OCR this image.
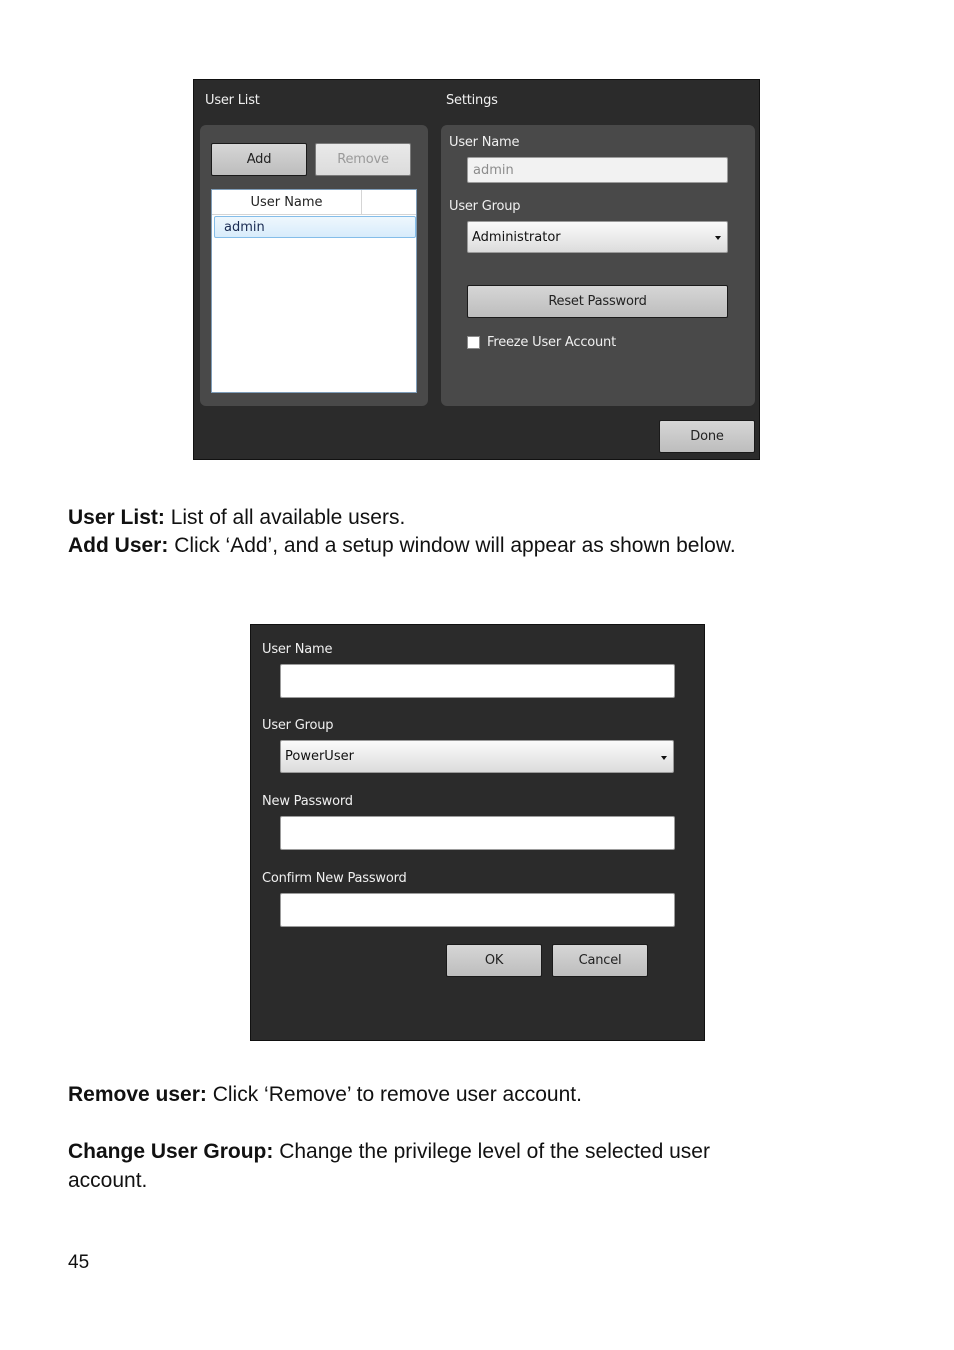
User List	Settings
Add	Remove
User Name
admin
User Name
admin
User Group
Administrator
Reset Password
Freeze User Account
Done
User List: List of all available users.
Add User: Click ‘Add’, and a setup window will appear as shown below.
User Name
User Group
PowerUser
New Password
Confirm New Password
OK	Cancel
Remove user: Click ‘Remove’ to remove user account.
Change User Group: Change the privilege level of the selected user account.
45
